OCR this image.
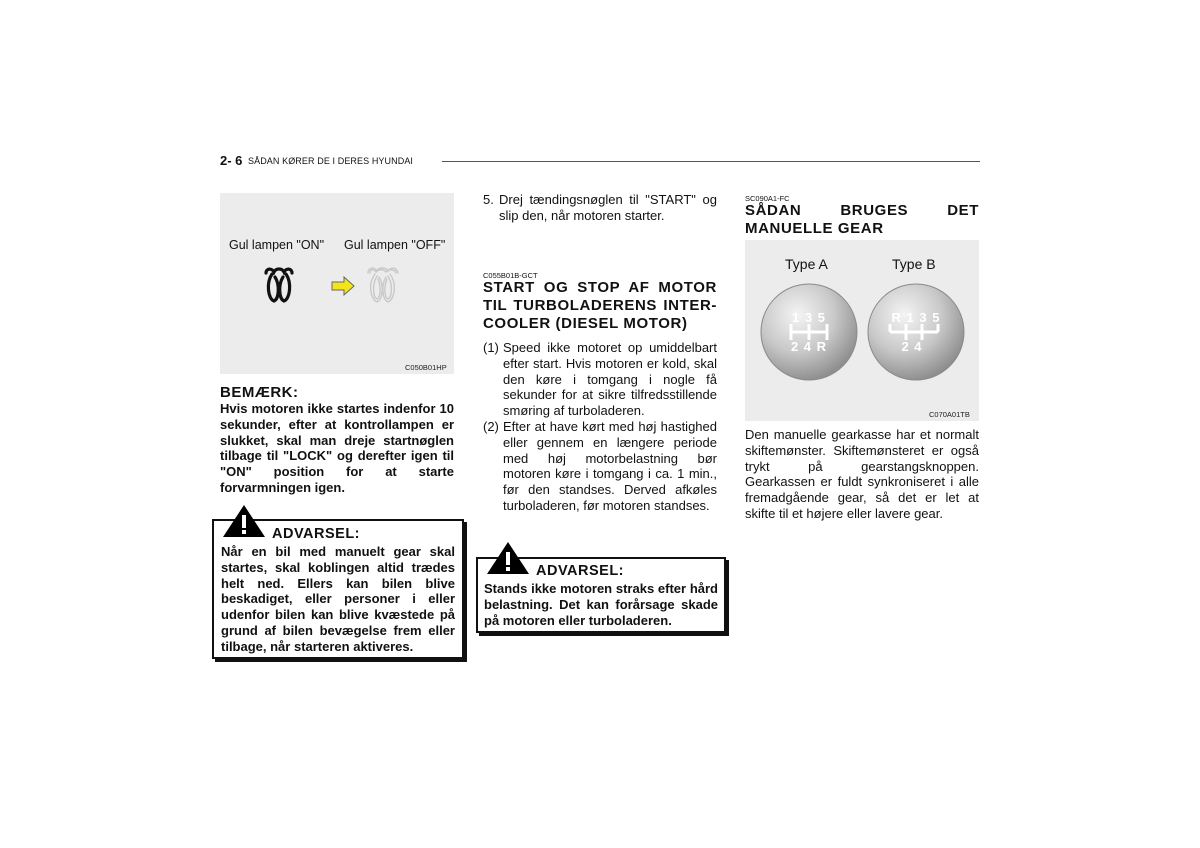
2- 6 SÅDAN KØRER DE I DERES HYUNDAI
Gul lampen "ON" Gul lampen "OFF"
C050B01HP
BEMÆRK:
Hvis motoren ikke startes indenfor 10 sekunder, efter at kontrollampen er slukket, skal man dreje startnøglen tilbage til "LOCK" og derefter igen til "ON" position for at starte forvarmningen igen.
ADVARSEL:
Når en bil med manuelt gear skal startes, skal koblingen altid trædes helt ned. Ellers kan bilen blive beskadiget, eller personer i eller udenfor bilen kan blive kvæstede på grund af bilen bevægelse frem eller tilbage, når starteren aktiveres.
5. Drej tændingsnøglen til "START" og slip den, når motoren starter.
C055B01B-GCT
START OG STOP AF MOTOR TIL TURBOLADERENS INTER-COOLER (DIESEL MOTOR)
(1) Speed ikke motoret op umiddelbart efter start. Hvis motoren er kold, skal den køre i tomgang i nogle få sekunder for at sikre tilfredsstillende smøring af turboladeren.
(2) Efter at have kørt med høj hastighed eller gennem en længere periode med høj motorbelastning bør motoren køre i tomgang i ca. 1 min., før den standses. Derved afkøles turboladeren, før motoren standses.
ADVARSEL:
Stands ikke motoren straks efter hård belastning. Det kan forårsage skade på motoren eller turboladeren.
SC090A1-FC
SÅDAN BRUGES DET
MANUELLE GEAR
Type A	Type B
1 3 5
2 4 R
R 1 3 5
2 4
C070A01TB
Den manuelle gearkasse har et normalt skiftemønster. Skiftemønsteret er også trykt på gearstangsknoppen. Gearkassen er fuldt synkroniseret i alle fremadgående gear, så det er let at skifte til et højere eller lavere gear.
